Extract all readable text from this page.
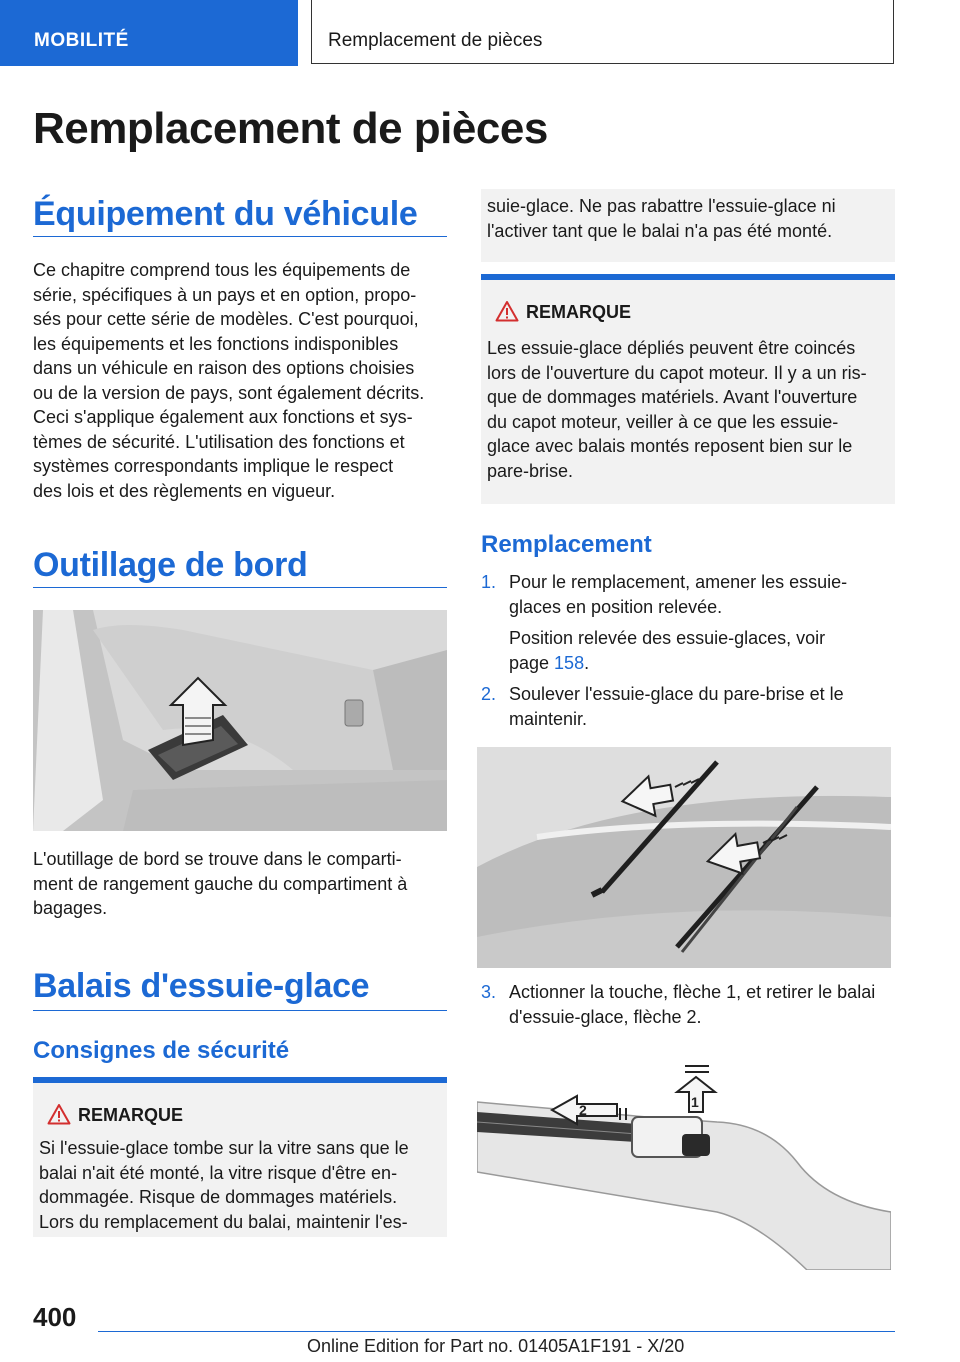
MOBILITÉ	Remplacement de pièces
Remplacement de pièces
Équipement du véhicule
Ce chapitre comprend tous les équipements de
série, spécifiques à un pays et en option, propo‐
sés pour cette série de modèles. C'est pourquoi,
les équipements et les fonctions indisponibles
dans un véhicule en raison des options choisies
ou de la version de pays, sont également décrits.
Ceci s'applique également aux fonctions et sys‐
tèmes de sécurité. L'utilisation des fonctions et
systèmes correspondants implique le respect
des lois et des règlements en vigueur.
Outillage de bord
L'outillage de bord se trouve dans le comparti‐
ment de rangement gauche du compartiment à
bagages.
Balais d'essuie-glace
Consignes de sécurité
REMARQUE
Si l'essuie-glace tombe sur la vitre sans que le
balai n'ait été monté, la vitre risque d'être en‐
dommagée. Risque de dommages matériels.
Lors du remplacement du balai, maintenir l'es‐
suie-glace. Ne pas rabattre l'essuie-glace ni
l'activer tant que le balai n'a pas été monté.
REMARQUE
Les essuie-glace dépliés peuvent être coincés
lors de l'ouverture du capot moteur. Il y a un ris‐
que de dommages matériels. Avant l'ouverture
du capot moteur, veiller à ce que les essuie-
glace avec balais montés reposent bien sur le
pare-brise.
Remplacement
1. Pour le remplacement, amener les essuie-
glaces en position relevée.
Position relevée des essuie-glaces, voir
page 158.
2. Soulever l'essuie-glace du pare-brise et le
maintenir.
3. Actionner la touche, flèche 1, et retirer le balai
d'essuie-glace, flèche 2.
2	1
400
Online Edition for Part no. 01405A1F191 - X/20
